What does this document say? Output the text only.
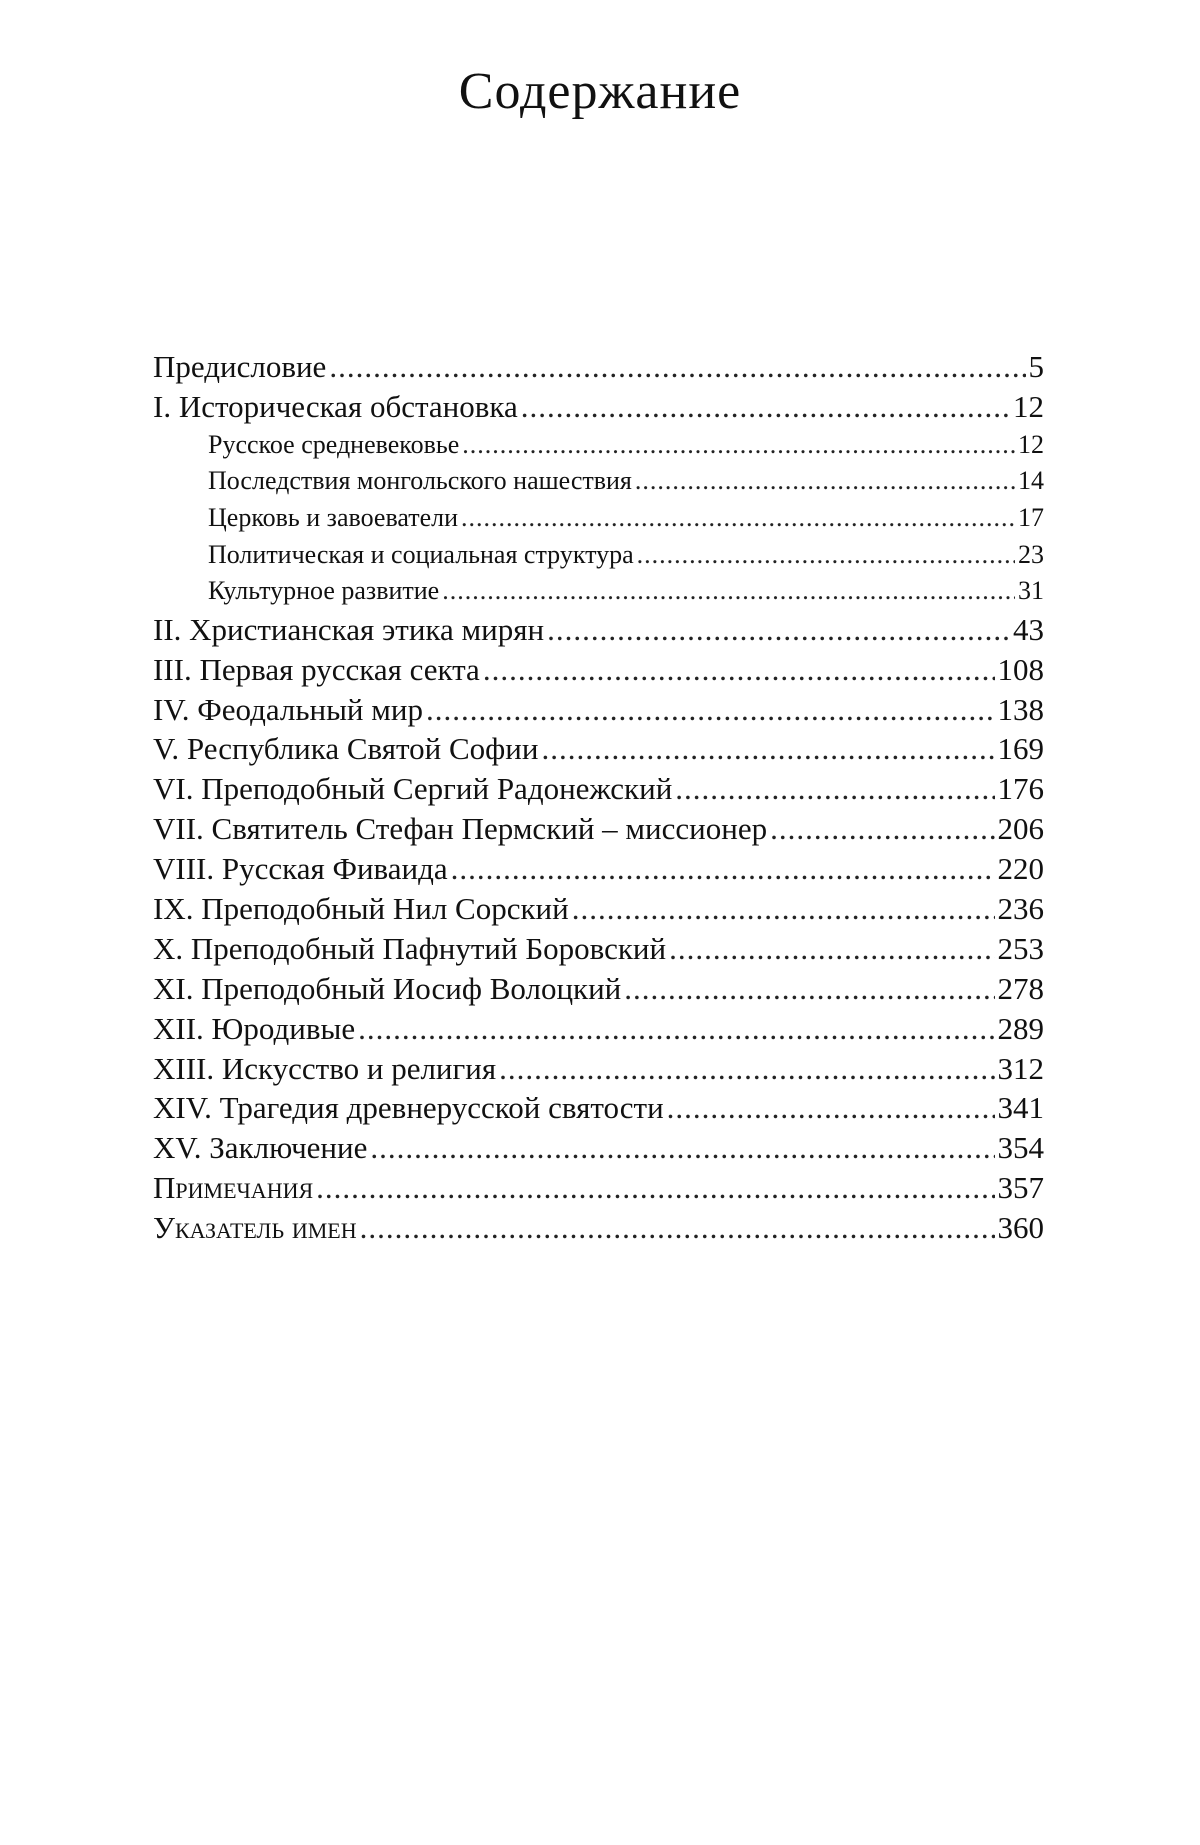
Содержание
Предисловие .....	5
I. Историческая обстановка .....	12
Русское средневековье .....	12
Последствия монгольского нашествия .....	14
Церковь и завоеватели .....	17
Политическая и социальная структура .....	23
Культурное развитие .....	31
II. Христианская этика мирян .....	43
III. Первая русская секта .....	108
IV. Феодальный мир .....	138
V. Республика Святой Софии .....	169
VI. Преподобный Сергий Радонежский .....	176
VII. Святитель Стефан Пермский – миссионер .....	206
VIII. Русская Фиваида .....	220
IX. Преподобный Нил Сорский .....	236
X. Преподобный Пафнутий Боровский .....	253
XI. Преподобный Иосиф Волоцкий .....	278
XII. Юродивые .....	289
XIII. Искусство и религия .....	312
XIV. Трагедия древнерусской святости .....	341
XV. Заключение .....	354
Примечания .....	357
Указатель имен .....	360
